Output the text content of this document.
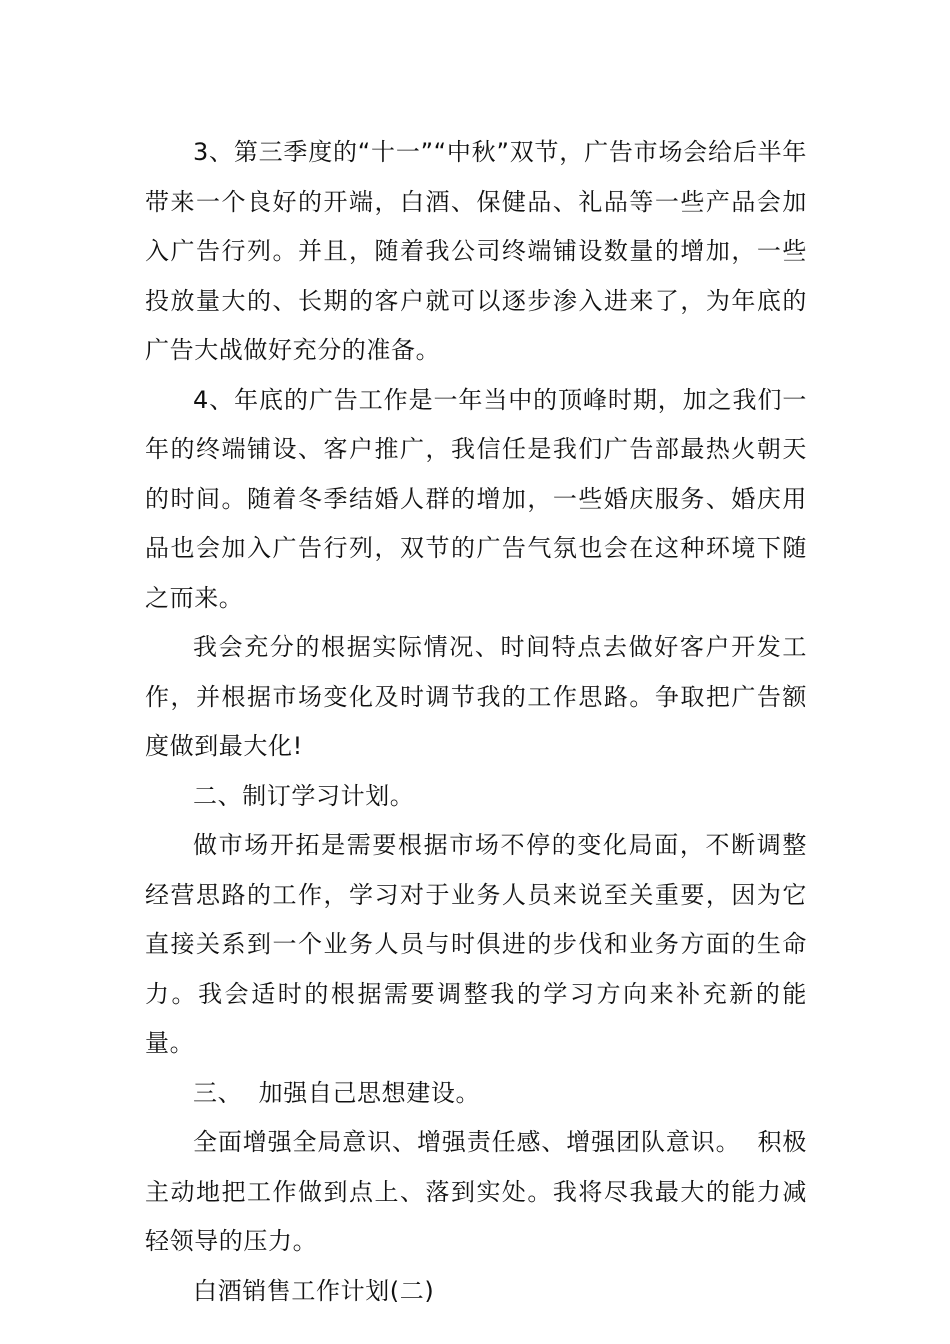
3、第三季度的“十一”“中秋”双节，广告市场会给后半年带来一个良好的开端，白酒、保健品、礼品等一些产品会加入广告行列。并且，随着我公司终端铺设数量的增加，一些投放量大的、长期的客户就可以逐步渗入进来了，为年底的广告大战做好充分的准备。

4、年底的广告工作是一年当中的顶峰时期，加之我们一年的终端铺设、客户推广，我信任是我们广告部最热火朝天的时间。随着冬季结婚人群的增加，一些婚庆服务、婚庆用品也会加入广告行列，双节的广告气氛也会在这种环境下随之而来。

我会充分的根据实际情况、时间特点去做好客户开发工作，并根据市场变化及时调节我的工作思路。争取把广告额度做到最大化!

二、制订学习计划。

做市场开拓是需要根据市场不停的变化局面，不断调整经营思路的工作，学习对于业务人员来说至关重要，因为它直接关系到一个业务人员与时俱进的步伐和业务方面的生命力。我会适时的根据需要调整我的学习方向来补充新的能量。

三、  加强自己思想建设。

全面增强全局意识、增强责任感、增强团队意识。  积极主动地把工作做到点上、落到实处。我将尽我最大的能力减轻领导的压力。

白酒销售工作计划(二)
